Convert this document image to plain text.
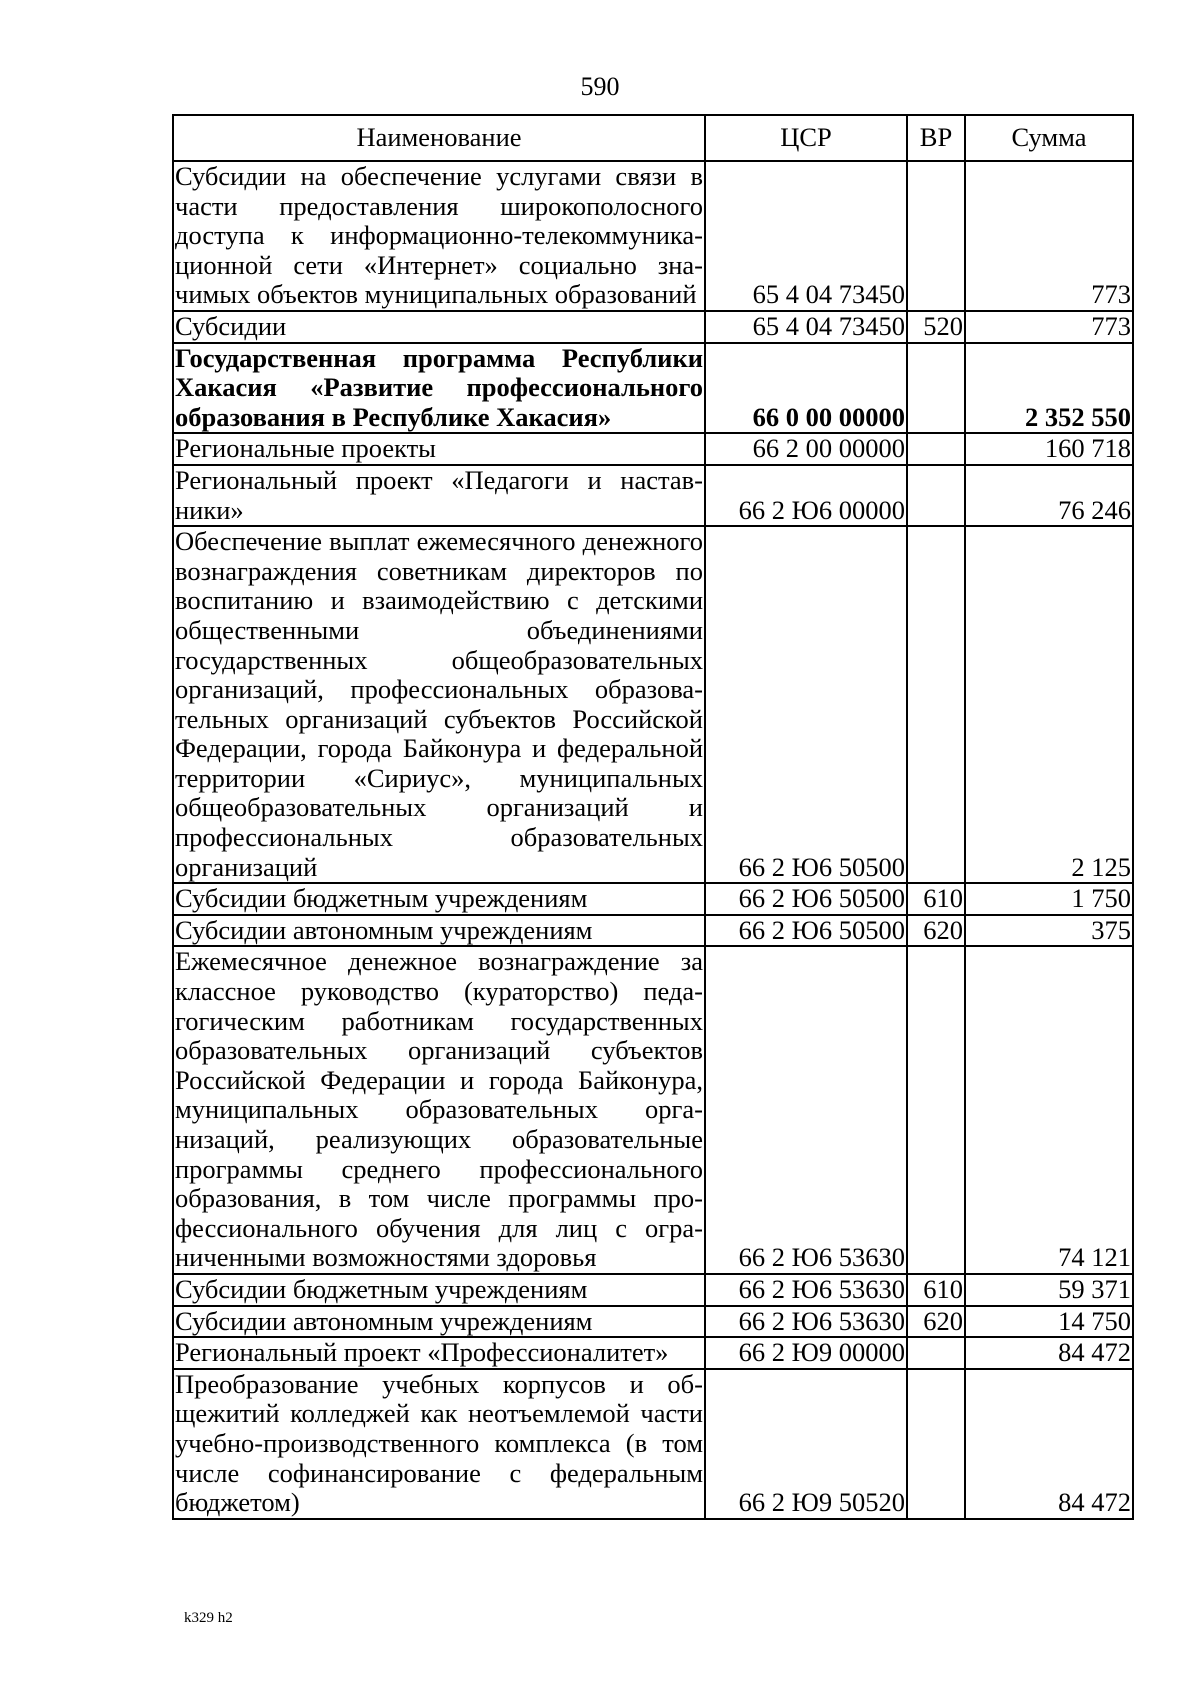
590
Наименование	ЦСР	ВР	Сумма
Субсидии на обеспечение услугами связи в части предоставления широкополосного доступа к информационно-телекоммуникационной сети «Интернет» социально значимых объектов муниципальных образований	65 4 04 73450		773
Субсидии	65 4 04 73450	520	773
Государственная программа Республики Хакасия «Развитие профессионального образования в Республике Хакасия»	66 0 00 00000		2 352 550
Региональные проекты	66 2 00 00000		160 718
Региональный проект «Педагоги и наставники»	66 2 Ю6 00000		76 246
Обеспечение выплат ежемесячного денежного вознаграждения советникам директоров по воспитанию и взаимодействию с детскими общественными объединениями государственных общеобразовательных организаций, профессиональных образовательных организаций субъектов Российской Федерации, города Байконура и федеральной территории «Сириус», муниципальных общеобразовательных организаций и профессиональных образовательных организаций	66 2 Ю6 50500		2 125
Субсидии бюджетным учреждениям	66 2 Ю6 50500	610	1 750
Субсидии автономным учреждениям	66 2 Ю6 50500	620	375
Ежемесячное денежное вознаграждение за классное руководство (кураторство) педагогическим работникам государственных образовательных организаций субъектов Российской Федерации и города Байконура, муниципальных образовательных организаций, реализующих образовательные программы среднего профессионального образования, в том числе программы профессионального обучения для лиц с ограниченными возможностями здоровья	66 2 Ю6 53630		74 121
Субсидии бюджетным учреждениям	66 2 Ю6 53630	610	59 371
Субсидии автономным учреждениям	66 2 Ю6 53630	620	14 750
Региональный проект «Профессионалитет»	66 2 Ю9 00000		84 472
Преобразование учебных корпусов и общежитий колледжей как неотъемлемой части учебно-производственного комплекса (в том числе софинансирование с федеральным бюджетом)	66 2 Ю9 50520		84 472
k329 h2
